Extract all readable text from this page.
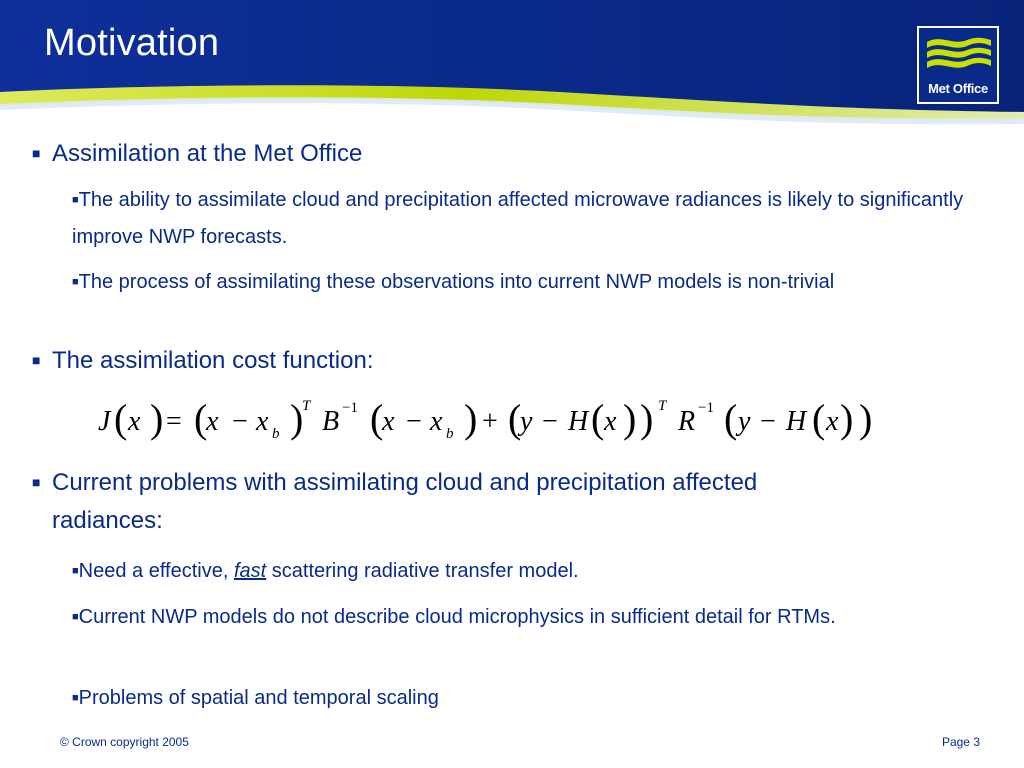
Motivation
Met Office
■ Assimilation at the Met Office
■The ability to assimilate cloud and precipitation affected microwave radiances is likely to significantly improve NWP forecasts.
■The process of assimilating these observations into current NWP models is non-trivial
■ The assimilation cost function:
J ( ) ( ) ( ) (	)
( ) (	)
)
(
x x x B x x	y H x R y H x
= −	− + −	−
b	b
T	T
−1	−1
■ Current problems with assimilating cloud and precipitation affected
radiances:
■Need a effective, fast scattering radiative transfer model.
■Current NWP models do not describe cloud microphysics in sufficient detail for RTMs.
■Problems of spatial and temporal scaling
© Crown copyright 2005	Page 3
